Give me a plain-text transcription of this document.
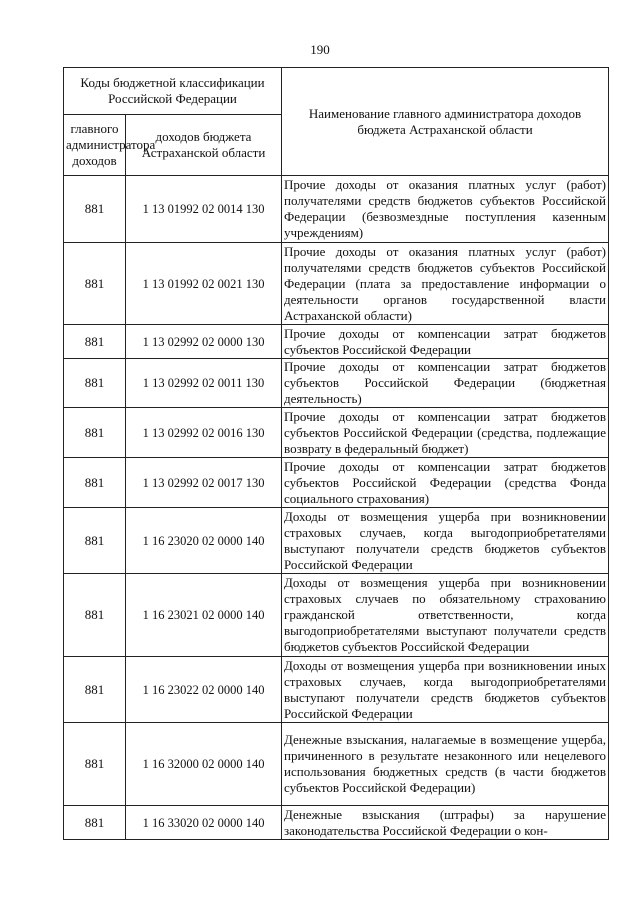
190
Коды бюджетной классификации Российской Федерации		Наименование главного администратора доходов бюджета Астраханской области
главного администратора доходов	доходов бюджета Астраханской области	
881	1 13 01992 02 0014 130	Прочие доходы от оказания платных услуг (работ) получателями средств бюджетов субъектов Российской Федерации (безвозмездные поступления казенным учреждениям)
881	1 13 01992 02 0021 130	Прочие доходы от оказания платных услуг (работ) получателями средств бюджетов субъектов Российской Федерации (плата за предоставление информации о деятельности органов государственной власти Астраханской области)
881	1 13 02992 02 0000 130	Прочие доходы от компенсации затрат бюджетов субъектов Российской Федерации
881	1 13 02992 02 0011 130	Прочие доходы от компенсации затрат бюджетов субъектов Российской Федерации (бюджетная деятельность)
881	1 13 02992 02 0016 130	Прочие доходы от компенсации затрат бюджетов субъектов Российской Федерации (средства, подлежащие возврату в федеральный бюджет)
881	1 13 02992 02 0017 130	Прочие доходы от компенсации затрат бюджетов субъектов Российской Федерации (средства Фонда социального страхования)
881	1 16 23020 02 0000 140	Доходы от возмещения ущерба при возникновении страховых случаев, когда выгодоприобретателями выступают получатели средств бюджетов субъектов Российской Федерации
881	1 16 23021 02 0000 140	Доходы от возмещения ущерба при возникновении страховых случаев по обязательному страхованию гражданской ответственности, когда выгодоприобретателями выступают получатели средств бюджетов субъектов Российской Федерации
881	1 16 23022 02 0000 140	Доходы от возмещения ущерба при возникновении иных страховых случаев, когда выгодоприобретателями выступают получатели средств бюджетов субъектов Российской Федерации
881	1 16 32000 02 0000 140	Денежные взыскания, налагаемые в возмещение ущерба, причиненного в результате незаконного или нецелевого использования бюджетных средств (в части бюджетов субъектов Российской Федерации)
881	1 16 33020 02 0000 140	Денежные взыскания (штрафы) за нарушение законодательства Российской Федерации о кон-
